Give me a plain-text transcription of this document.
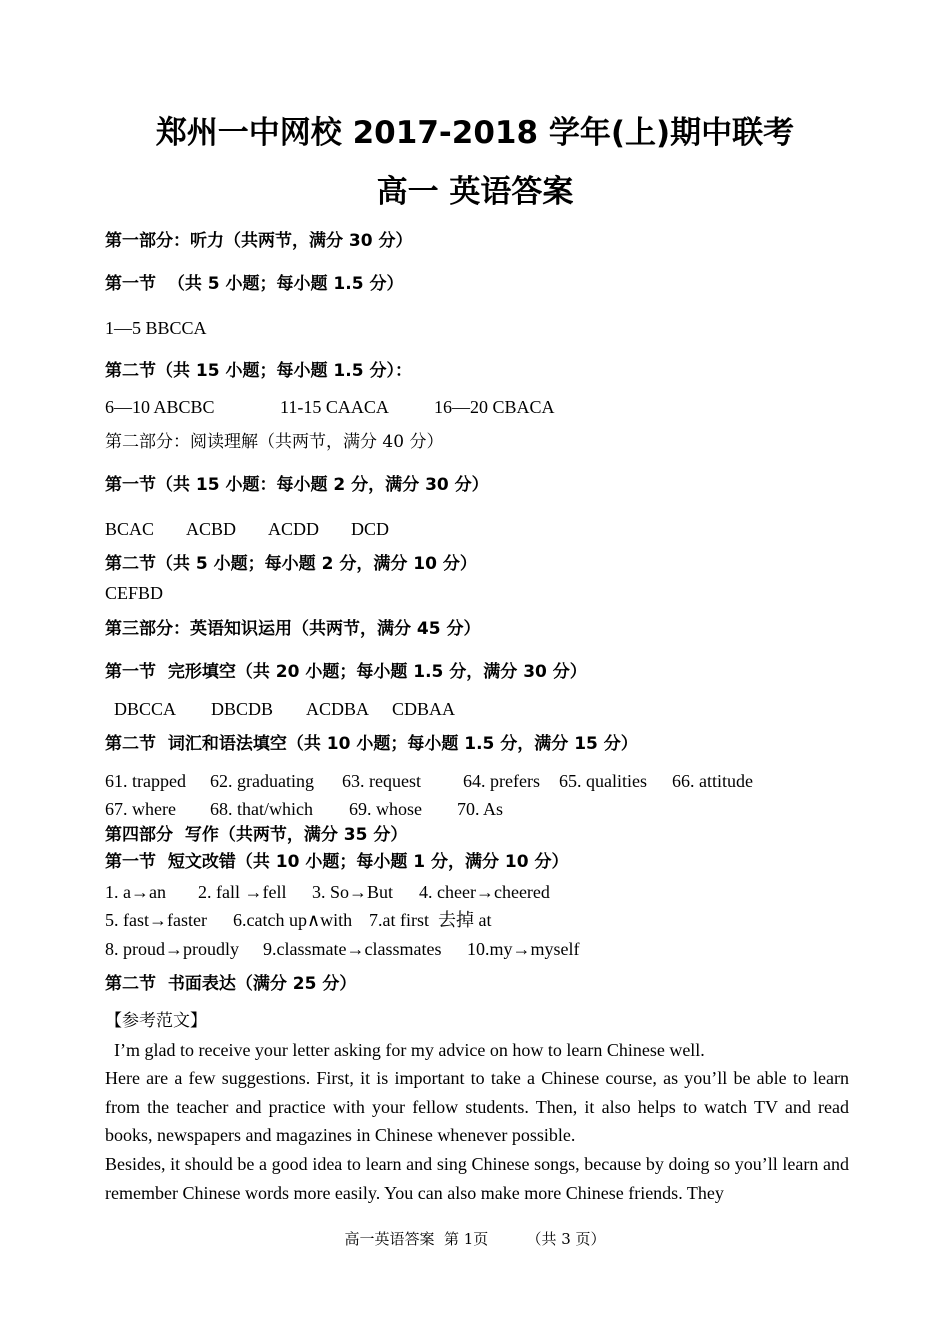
郑州一中网校 2017-2018 学年(上)期中联考
高一 英语答案
第一部分：听力（共两节，满分 30 分）
第一节  （共 5 小题；每小题 1.5 分）
1—5 BBCCA
第二节（共 15 小题；每小题 1.5 分）：
6—10 ABCBC	11-15 CAACA	16—20 CBACA
第二部分：阅读理解（共两节，满分 40 分）
第一节（共 15 小题：每小题 2 分，满分 30 分）
BCAC	ACBD	ACDD	DCD
第二节（共 5 小题；每小题 2 分，满分 10 分）
CEFBD
第三部分：英语知识运用（共两节，满分 45 分）
第一节  完形填空（共 20 小题；每小题 1.5 分，满分 30 分）
DBCCA	DBCDB	ACDBA	CDBAA
第二节  词汇和语法填空（共 10 小题；每小题 1.5 分，满分 15 分）
61. trapped	62. graduating	63. request	64. prefers	65. qualities	66. attitude
67. where	68. that/which	69. whose	70. As
第四部分  写作（共两节，满分 35 分）
第一节  短文改错（共 10 小题；每小题 1 分，满分 10 分）
1. a→an	2. fall →fell	3. So→But	4. cheer→cheered
5. fast→faster	6.catch up∧with 7.at first  去掉 at
8. proud→proudly	9.classmate→classmates	10.my→myself
第二节  书面表达（满分 25 分）
【参考范文】
I’m glad to receive your letter asking for my advice on how to learn Chinese well.
Here are a few suggestions. First, it is important to take a Chinese course, as you’ll be able to learn from the teacher and practice with your fellow students. Then, it also helps to watch TV and read books, newspapers and magazines in Chinese whenever possible.
Besides, it should be a good idea to learn and sing Chinese songs, because by doing so you’ll learn and remember Chinese words more easily. You can also make more Chinese friends. They
高一英语答案  第 1页	（共 3 页）
